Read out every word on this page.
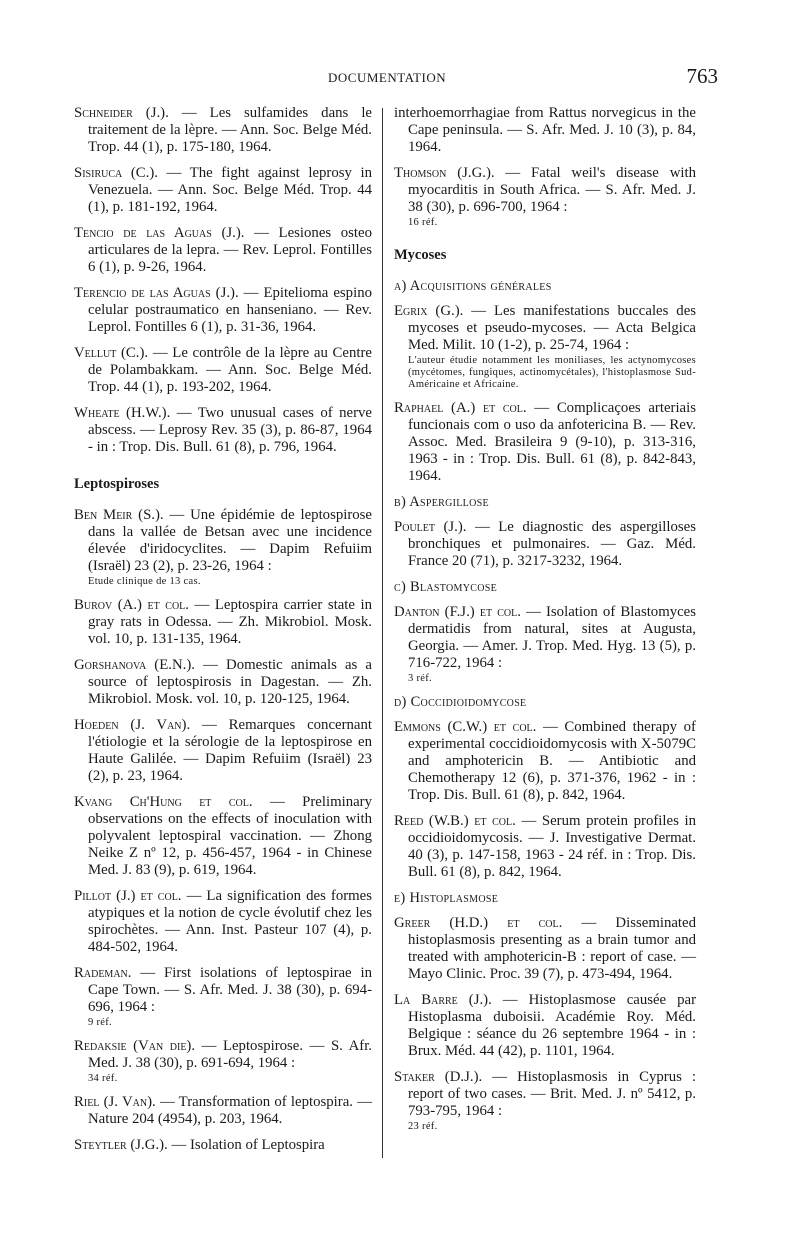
DOCUMENTATION	763

Schneider (J.). — Les sulfamides dans le traitement de la lèpre. — Ann. Soc. Belge Méd. Trop. 44 (1), p. 175-180, 1964.

Sisiruca (C.). — The fight against leprosy in Venezuela. — Ann. Soc. Belge Méd. Trop. 44 (1), p. 181-192, 1964.

Tencio de las Aguas (J.). — Lesiones osteo articulares de la lepra. — Rev. Leprol. Fontilles 6 (1), p. 9-26, 1964.

Terencio de las Aguas (J.). — Epitelioma espino celular postraumatico en hanseniano. — Rev. Leprol. Fontilles 6 (1), p. 31-36, 1964.

Vellut (C.). — Le contrôle de la lèpre au Centre de Polambakkam. — Ann. Soc. Belge Méd. Trop. 44 (1), p. 193-202, 1964.

Wheate (H.W.). — Two unusual cases of nerve abscess. — Leprosy Rev. 35 (3), p. 86-87, 1964 - in : Trop. Dis. Bull. 61 (8), p. 796, 1964.

Leptospiroses

Ben Meir (S.). — Une épidémie de leptospirose dans la vallée de Betsan avec une incidence élevée d'iridocyclites. — Dapim Refuiim (Israël) 23 (2), p. 23-26, 1964 :
Etude clinique de 13 cas.

Burov (A.) et col. — Leptospira carrier state in gray rats in Odessa. — Zh. Mikrobiol. Mosk. vol. 10, p. 131-135, 1964.

Gorshanova (E.N.). — Domestic animals as a source of leptospirosis in Dagestan. — Zh. Mikrobiol. Mosk. vol. 10, p. 120-125, 1964.

Hoeden (J. Van). — Remarques concernant l'étiologie et la sérologie de la leptospirose en Haute Galilée. — Dapim Refuiim (Israël) 23 (2), p. 23, 1964.

Kvang Ch'Hung et col. — Preliminary observations on the effects of inoculation with polyvalent leptospiral vaccination. — Zhong Neike Z nº 12, p. 456-457, 1964 - in Chinese Med. J. 83 (9), p. 619, 1964.

Pillot (J.) et col. — La signification des formes atypiques et la notion de cycle évolutif chez les spirochètes. — Ann. Inst. Pasteur 107 (4), p. 484-502, 1964.

Rademan. — First isolations of leptospirae in Cape Town. — S. Afr. Med. J. 38 (30), p. 694-696, 1964 :
9 réf.

Redaksie (Van die). — Leptospirose. — S. Afr. Med. J. 38 (30), p. 691-694, 1964 :
34 réf.

Riel (J. Van). — Transformation of leptospira. — Nature 204 (4954), p. 203, 1964.

Steytler (J.G.). — Isolation of Leptospira

interhoemorrhagiae from Rattus norvegicus in the Cape peninsula. — S. Afr. Med. J. 10 (3), p. 84, 1964.

Thomson (J.G.). — Fatal weil's disease with myocarditis in South Africa. — S. Afr. Med. J. 38 (30), p. 696-700, 1964 :
16 réf.

Mycoses
a) Acquisitions générales

Egrix (G.). — Les manifestations buccales des mycoses et pseudo-mycoses. — Acta Belgica Med. Milit. 10 (1-2), p. 25-74, 1964 :
L'auteur étudie notamment les moniliases, les actynomycoses (mycétomes, fungiques, actinomycétales), l'histoplasmose Sud-Américaine et Africaine.

Raphael (A.) et col. — Complicaçoes arteriais funcionais com o uso da anfotericina B. — Rev. Assoc. Med. Brasileira 9 (9-10), p. 313-316, 1963 - in : Trop. Dis. Bull. 61 (8), p. 842-843, 1964.

b) Aspergillose

Poulet (J.). — Le diagnostic des aspergilloses bronchiques et pulmonaires. — Gaz. Méd. France 20 (71), p. 3217-3232, 1964.

c) Blastomycose

Danton (F.J.) et col. — Isolation of Blastomyces dermatidis from natural, sites at Augusta, Georgia. — Amer. J. Trop. Med. Hyg. 13 (5), p. 716-722, 1964 :
3 réf.

d) Coccidioidomycose

Emmons (C.W.) et col. — Combined therapy of experimental coccidioidomycosis with X-5079C and amphotericin B. — Antibiotic and Chemotherapy 12 (6), p. 371-376, 1962 - in : Trop. Dis. Bull. 61 (8), p. 842, 1964.

Reed (W.B.) et col. — Serum protein profiles in occidioidomycosis. — J. Investigative Dermat. 40 (3), p. 147-158, 1963 - 24 réf. in : Trop. Dis. Bull. 61 (8), p. 842, 1964.

e) Histoplasmose

Greer (H.D.) et col. — Disseminated histoplasmosis presenting as a brain tumor and treated with amphotericin-B : report of case. — Mayo Clinic. Proc. 39 (7), p. 473-494, 1964.

La Barre (J.). — Histoplasmose causée par Histoplasma duboisii. Académie Roy. Méd. Belgique : séance du 26 septembre 1964 - in : Brux. Méd. 44 (42), p. 1101, 1964.

Staker (D.J.). — Histoplasmosis in Cyprus : report of two cases. — Brit. Med. J. nº 5412, p. 793-795, 1964 :
23 réf.
